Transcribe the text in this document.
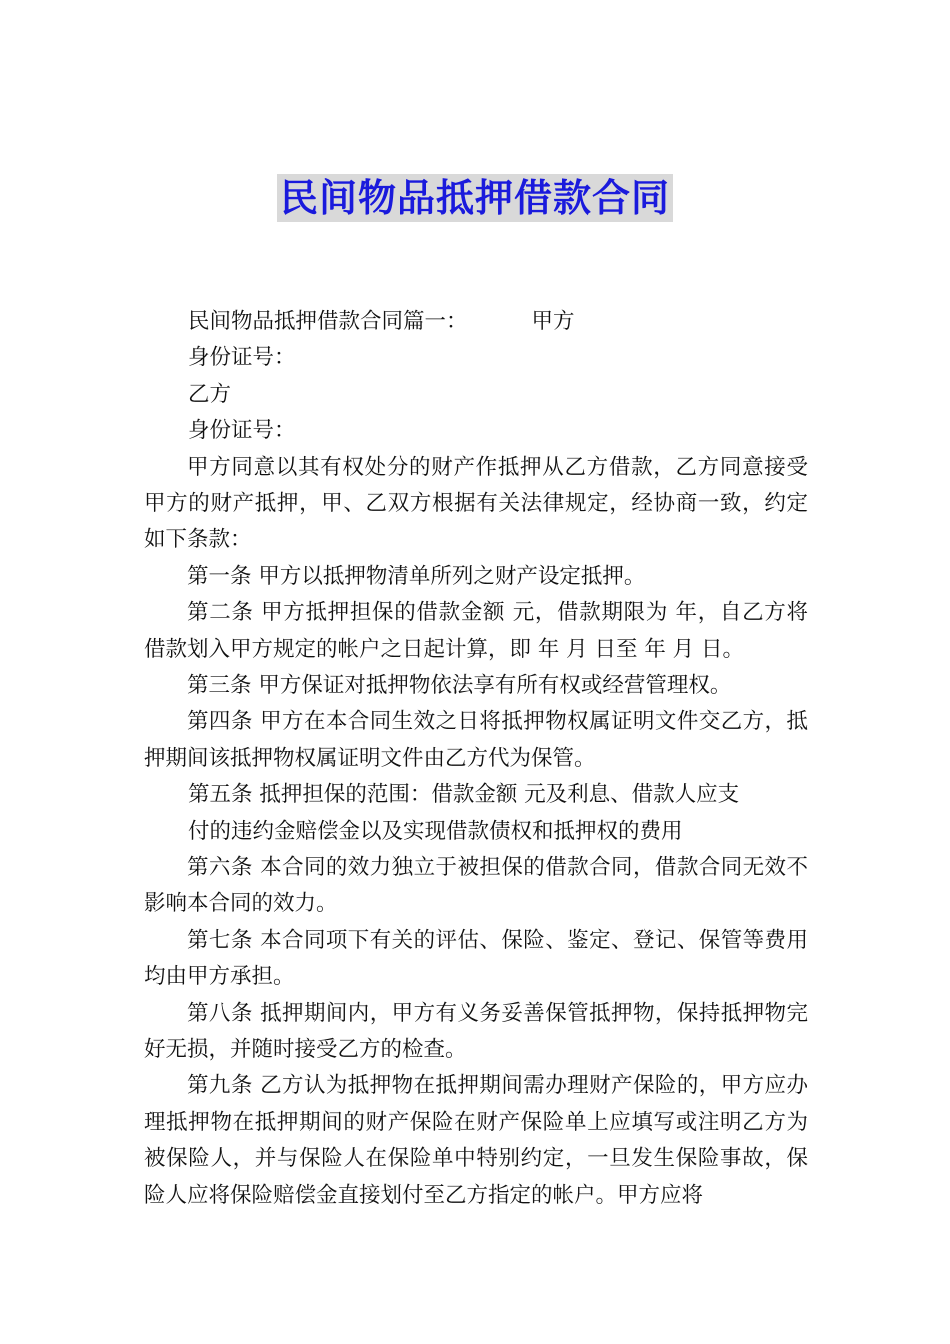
民间物品抵押借款合同
民间物品抵押借款合同篇一：	甲方
身份证号：
乙方
身份证号：

甲方同意以其有权处分的财产作抵押从乙方借款，乙方同意接受甲方的财产抵押，甲、乙双方根据有关法律规定，经协商一致，约定如下条款：

第一条 甲方以抵押物清单所列之财产设定抵押。

第二条 甲方抵押担保的借款金额 元，借款期限为 年，自乙方将借款划入甲方规定的帐户之日起计算，即 年 月 日至 年 月 日。

第三条 甲方保证对抵押物依法享有所有权或经营管理权。

第四条 甲方在本合同生效之日将抵押物权属证明文件交乙方，抵押期间该抵押物权属证明文件由乙方代为保管。

第五条 抵押担保的范围：借款金额 元及利息、借款人应支
付的违约金赔偿金以及实现借款债权和抵押权的费用

第六条 本合同的效力独立于被担保的借款合同，借款合同无效不影响本合同的效力。

第七条 本合同项下有关的评估、保险、鉴定、登记、保管等费用均由甲方承担。

第八条 抵押期间内，甲方有义务妥善保管抵押物，保持抵押物完好无损，并随时接受乙方的检查。

第九条 乙方认为抵押物在抵押期间需办理财产保险的，甲方应办理抵押物在抵押期间的财产保险在财产保险单上应填写或注明乙方为被保险人，并与保险人在保险单中特别约定，一旦发生保险事故，保险人应将保险赔偿金直接划付至乙方指定的帐户。甲方应将
